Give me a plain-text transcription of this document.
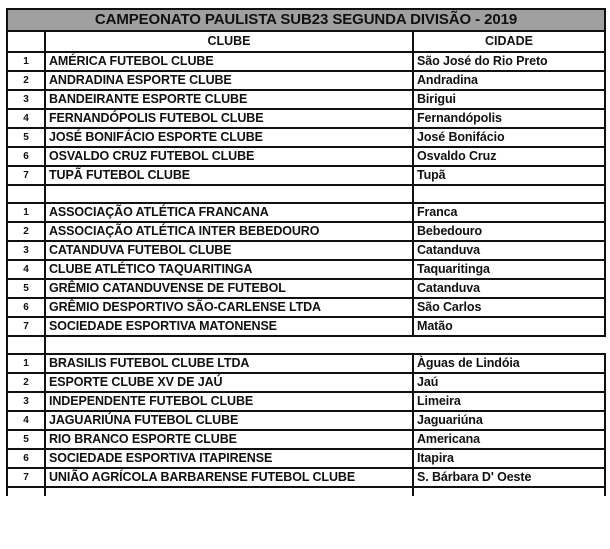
CAMPEONATO PAULISTA SUB23 SEGUNDA DIVISÃO - 2019		
	CLUBE	CIDADE
1	AMÉRICA FUTEBOL CLUBE	São José do Rio Preto
2	ANDRADINA ESPORTE CLUBE	Andradina
3	BANDEIRANTE ESPORTE CLUBE	Birigui
4	FERNANDÓPOLIS FUTEBOL CLUBE	Fernandópolis
5	JOSÉ BONIFÁCIO ESPORTE CLUBE	José Bonifácio
6	OSVALDO CRUZ FUTEBOL CLUBE	Osvaldo Cruz
7	TUPÃ FUTEBOL CLUBE	Tupã

1	ASSOCIAÇÃO ATLÉTICA FRANCANA	Franca
2	ASSOCIAÇÃO ATLÉTICA INTER BEBEDOURO	Bebedouro
3	CATANDUVA FUTEBOL CLUBE	Catanduva
4	CLUBE ATLÉTICO TAQUARITINGA	Taquaritinga
5	GRÊMIO CATANDUVENSE DE FUTEBOL	Catanduva
6	GRÊMIO DESPORTIVO SÃO-CARLENSE LTDA	São Carlos
7	SOCIEDADE ESPORTIVA MATONENSE	Matão

1	BRASILIS FUTEBOL CLUBE LTDA	Àguas de Lindóia
2	ESPORTE CLUBE XV DE JAÚ	Jaú
3	INDEPENDENTE FUTEBOL CLUBE	Limeira
4	JAGUARIÚNA FUTEBOL CLUBE	Jaguariúna
5	RIO BRANCO ESPORTE CLUBE	Americana
6	SOCIEDADE ESPORTIVA ITAPIRENSE	Itapira
7	UNIÃO AGRÍCOLA BARBARENSE FUTEBOL CLUBE	S. Bárbara D' Oeste
